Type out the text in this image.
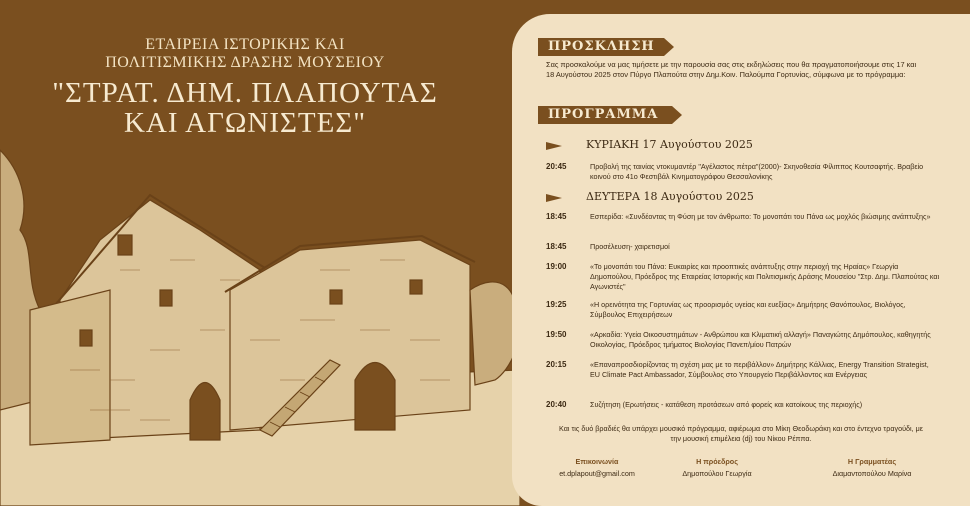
ΕΤΑΙΡΕΙΑ ΙΣΤΟΡΙΚΗΣ ΚΑΙ
ΠΟΛΙΤΙΣΜΙΚΗΣ ΔΡΑΣΗΣ ΜΟΥΣΕΙΟΥ
"ΣΤΡΑΤ. ΔΗΜ. ΠΛΑΠΟΥΤΑΣ
ΚΑΙ ΑΓΩΝΙΣΤΕΣ"
ΠΡΟΣΚΛΗΣΗ
Σας προσκαλούμε να μας τιμήσετε με την παρουσία σας στις εκδηλώσεις που θα πραγματοποιήσουμε στις 17 και 18 Αυγούστου 2025 στον Πύργο Πλαπούτα στην Δημ.Κοιν. Παλούμπα Γορτυνίας, σύμφωνα με το πρόγραμμα:
ΠΡΟΓΡΑΜΜΑ
ΚΥΡΙΑΚΗ 17 Αυγούστου 2025
20:45	Προβολή της ταινίας ντοκυμαντέρ "Αγέλαστος πέτρα"(2000)- Σκηνοθεσία Φίλιππος Κουτσαφτής. Βραβείο κοινού στο 41ο Φεστιβάλ Κινηματογράφου Θεσσαλονίκης
ΔΕΥΤΕΡΑ 18 Αυγούστου 2025
18:45	Εσπερίδα: «Συνδέοντας τη Φύση με τον άνθρωπο: Το μονοπάτι του Πάνα ως μοχλός βιώσιμης ανάπτυξης»
18:45	Προσέλευση- χαιρετισμοί
19:00	«Το μονοπάτι του Πάνα: Ευκαιρίες και προοπτικές ανάπτυξης στην περιοχή της Ηραίας» Γεωργία Δημοπούλου, Πρόεδρος της Εταιρείας Ιστορικής και Πολιτισμικής Δράσης Μουσείου "Στρ. Δημ. Πλαπούτας και Αγωνιστές"
19:25	«Η ορεινότητα της Γορτυνίας ως προορισμός υγείας και ευεξίας» Δημήτρης Θανόπουλος, Βιολόγος, Σύμβουλος Επιχειρήσεων
19:50	«Αρκαδία: Υγεία Οικοσυστημάτων - Ανθρώπου και Κλιματική αλλαγή» Παναγιώτης Δημόπουλος, καθηγητής Οικολογίας, Πρόεδρος τμήματος Βιολογίας Πανεπ/μίου Πατρών
20:15	«Επαναπροσδιορίζοντας τη σχέση μας με το περιβάλλον» Δημήτρης Κάλλιας, Energy Transition Strategist, EU Climate Pact Ambassador, Σύμβουλος στο Υπουργείο Περιβάλλοντος και Ενέργειας
20:40	Συζήτηση (Ερωτήσεις - κατάθεση προτάσεων από φορείς και κατοίκους της περιοχής)
Και τις δυό βραδιές θα υπάρχει μουσικό πρόγραμμα, αφιέρωμα στο Μίκη Θεοδωράκη και στο έντεχνο τραγούδι, με την μουσική επιμέλεια (dj) του Νίκου Ρέππα.
Επικοινωνία
et.dplapout@gmail.com
Η πρόεδρος
Δημοπούλου Γεωργία
Η Γραμματέας
Διαμαντοπούλου Μαρίνα
